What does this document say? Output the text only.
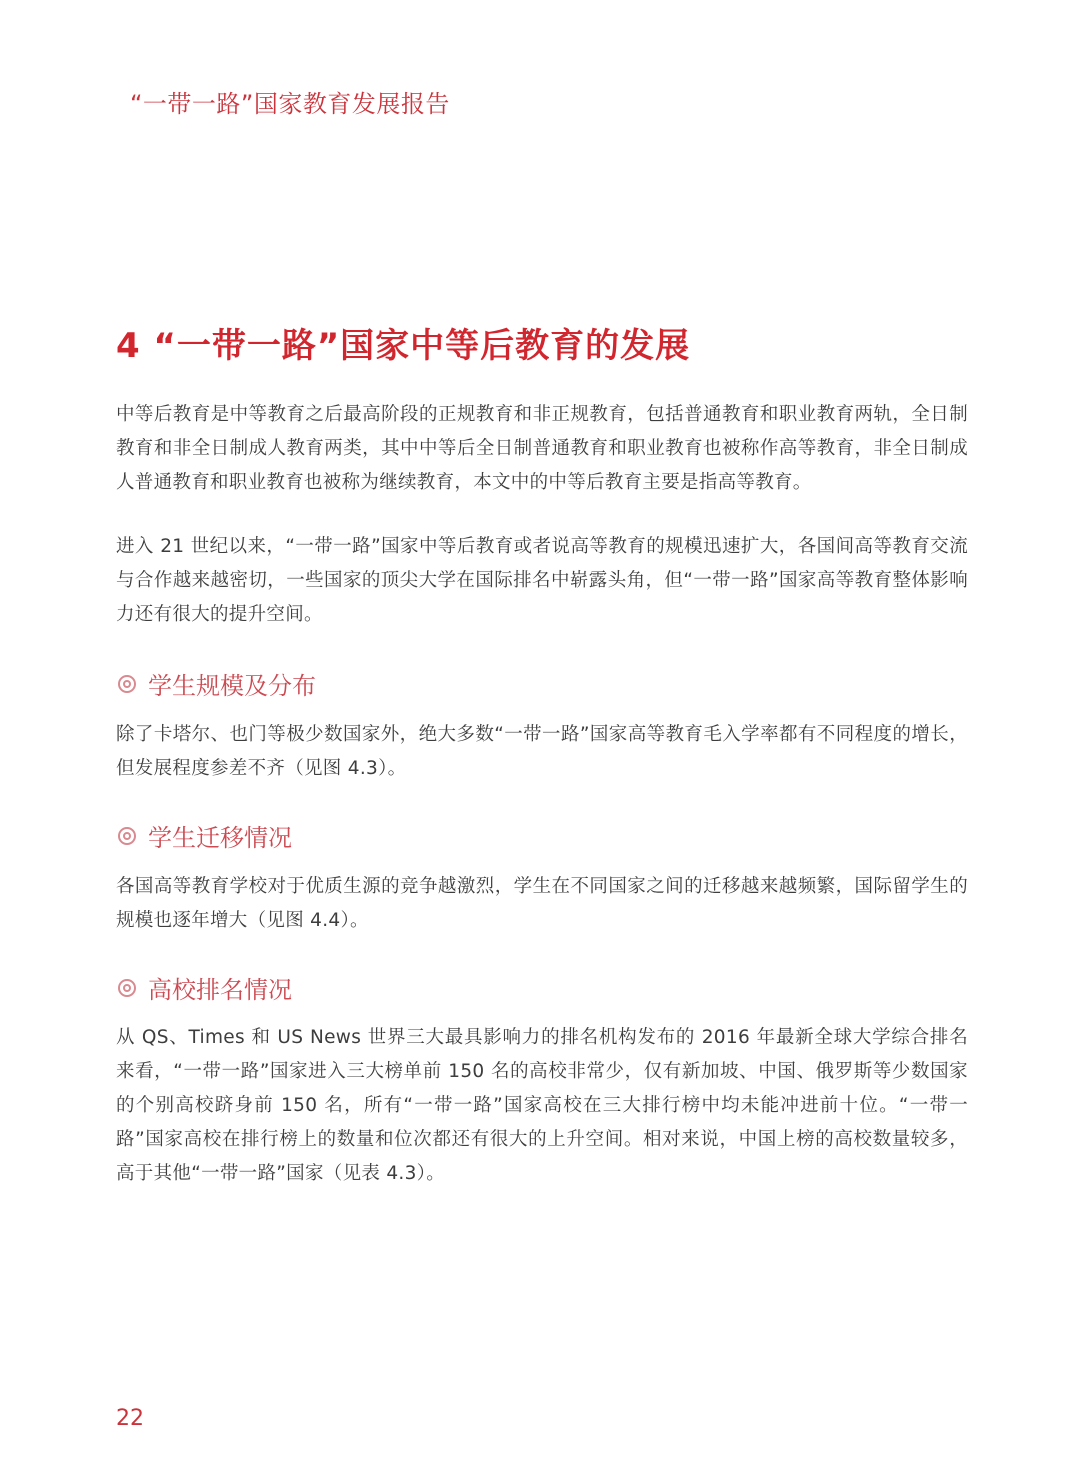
“一带一路”国家教育发展报告
4 “一带一路”国家中等后教育的发展

中等后教育是中等教育之后最高阶段的正规教育和非正规教育，包括普通教育和职业教育两轨，全日制教育和非全日制成人教育两类，其中中等后全日制普通教育和职业教育也被称作高等教育，非全日制成人普通教育和职业教育也被称为继续教育，本文中的中等后教育主要是指高等教育。

进入 21 世纪以来，“一带一路”国家中等后教育或者说高等教育的规模迅速扩大，各国间高等教育交流与合作越来越密切，一些国家的顶尖大学在国际排名中崭露头角，但“一带一路”国家高等教育整体影响力还有很大的提升空间。

学生规模及分布

除了卡塔尔、也门等极少数国家外，绝大多数“一带一路”国家高等教育毛入学率都有不同程度的增长，但发展程度参差不齐（见图 4.3）。

学生迁移情况

各国高等教育学校对于优质生源的竞争越激烈，学生在不同国家之间的迁移越来越频繁，国际留学生的规模也逐年增大（见图 4.4）。

高校排名情况

从 QS、Times 和 US News 世界三大最具影响力的排名机构发布的 2016 年最新全球大学综合排名来看，“一带一路”国家进入三大榜单前 150 名的高校非常少，仅有新加坡、中国、俄罗斯等少数国家的个别高校跻身前 150 名，所有“一带一路”国家高校在三大排行榜中均未能冲进前十位。“一带一路”国家高校在排行榜上的数量和位次都还有很大的上升空间。相对来说，中国上榜的高校数量较多，高于其他“一带一路”国家（见表 4.3）。

22
